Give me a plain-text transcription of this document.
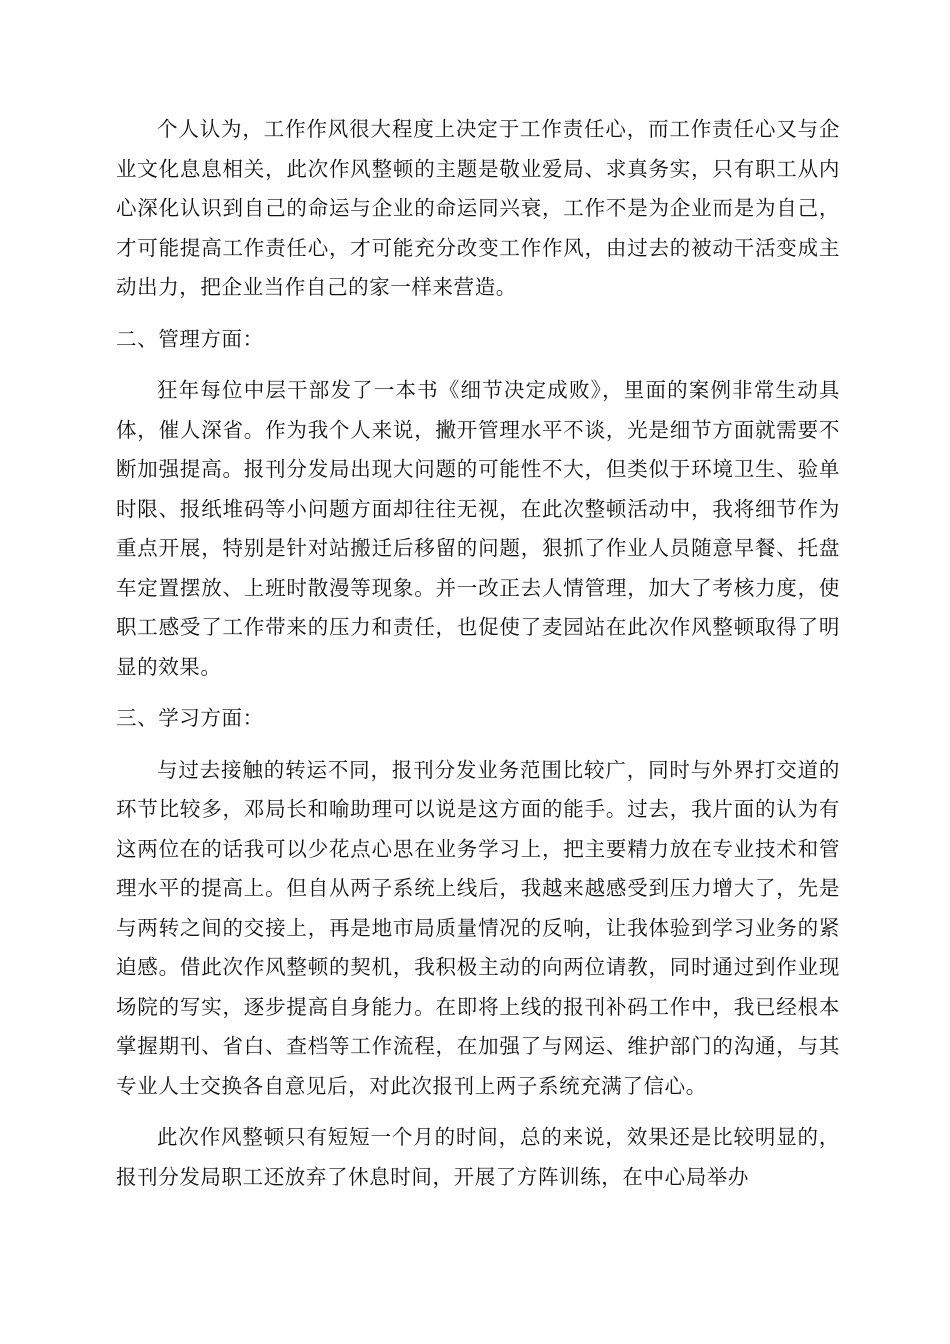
个人认为，工作作风很大程度上决定于工作责任心，而工作责任心又与企业文化息息相关，此次作风整顿的主题是敬业爱局、求真务实，只有职工从内心深化认识到自己的命运与企业的命运同兴衰，工作不是为企业而是为自己，才可能提高工作责任心，才可能充分改变工作作风，由过去的被动干活变成主动出力，把企业当作自己的家一样来营造。

二、管理方面：

狂年每位中层干部发了一本书《细节决定成败》，里面的案例非常生动具体，催人深省。作为我个人来说，撇开管理水平不谈，光是细节方面就需要不断加强提高。报刊分发局出现大问题的可能性不大，但类似于环境卫生、验单时限、报纸堆码等小问题方面却往往无视，在此次整顿活动中，我将细节作为重点开展，特别是针对站搬迁后移留的问题，狠抓了作业人员随意早餐、托盘车定置摆放、上班时散漫等现象。并一改正去人情管理，加大了考核力度，使职工感受了工作带来的压力和责任，也促使了麦园站在此次作风整顿取得了明显的效果。

三、学习方面：

与过去接触的转运不同，报刊分发业务范围比较广，同时与外界打交道的环节比较多，邓局长和喻助理可以说是这方面的能手。过去，我片面的认为有这两位在的话我可以少花点心思在业务学习上，把主要精力放在专业技术和管理水平的提高上。但自从两子系统上线后，我越来越感受到压力增大了，先是与两转之间的交接上，再是地市局质量情况的反响，让我体验到学习业务的紧迫感。借此次作风整顿的契机，我积极主动的向两位请教，同时通过到作业现场院的写实，逐步提高自身能力。在即将上线的报刊补码工作中，我已经根本掌握期刊、省白、查档等工作流程，在加强了与网运、维护部门的沟通，与其专业人士交换各自意见后，对此次报刊上两子系统充满了信心。

此次作风整顿只有短短一个月的时间，总的来说，效果还是比较明显的，报刊分发局职工还放弃了休息时间，开展了方阵训练，在中心局举办
